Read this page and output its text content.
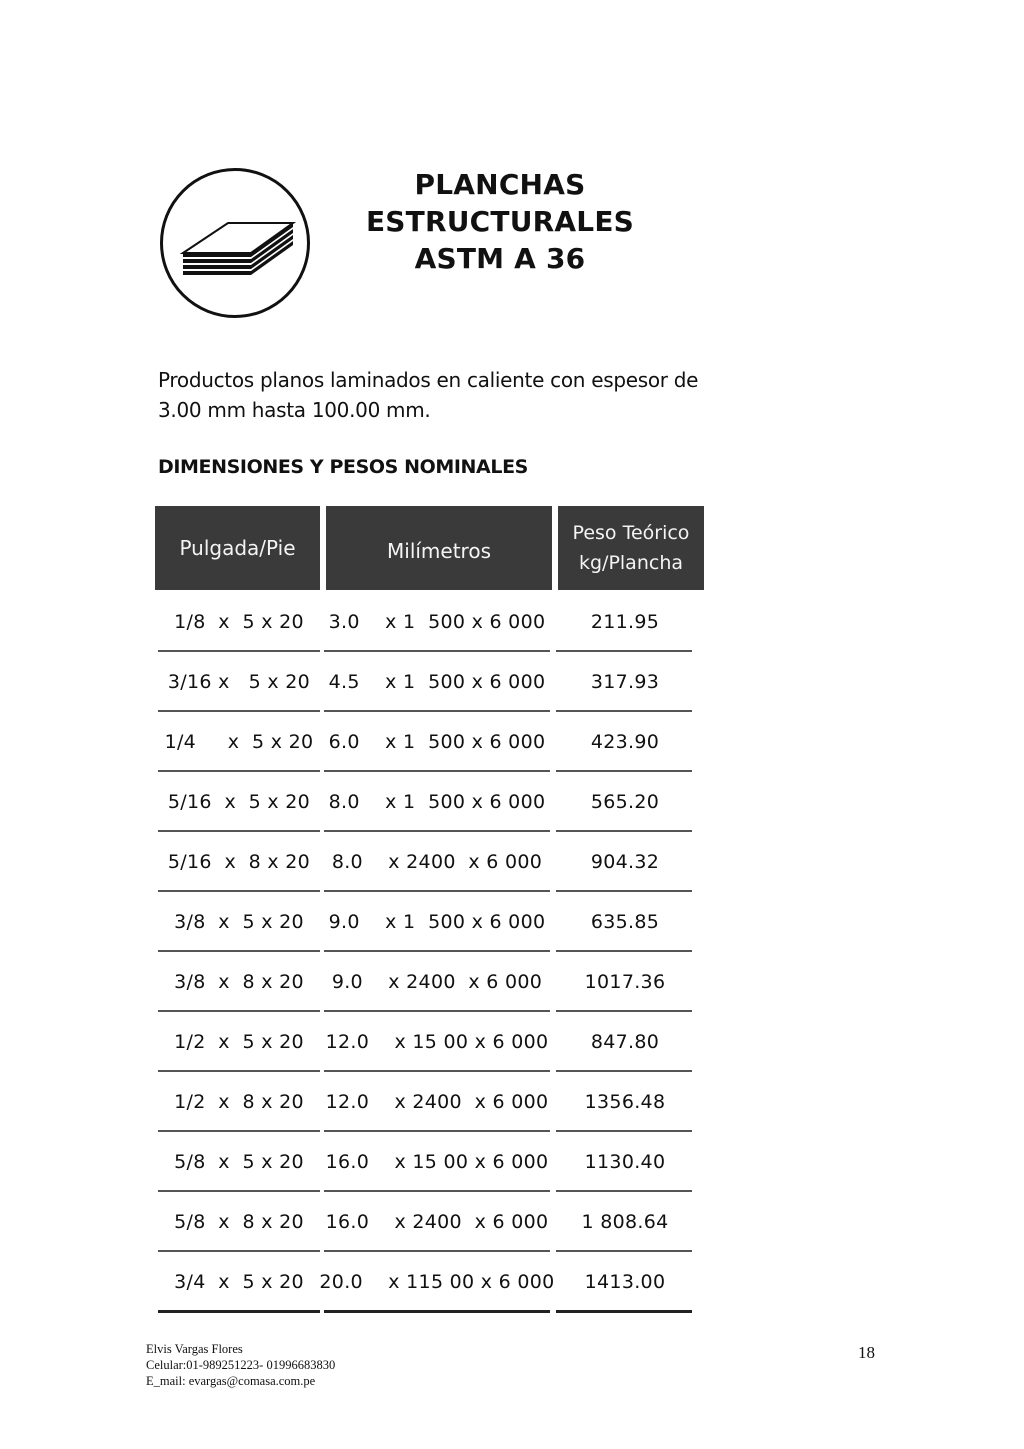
PLANCHAS
ESTRUCTURALES
ASTM A 36
Productos planos laminados en caliente con espesor de 3.00 mm hasta 100.00 mm.
DIMENSIONES Y PESOS NOMINALES
Pulgada/Pie	Milímetros
Peso Teórico
kg/Plancha
1/8  x  5 x 20	3.0    x 1  500 x 6 000	211.95
3/16 x   5 x 20 4.5    x 1  500 x 6 000	317.93
1/4     x  5 x 20 6.0    x 1  500 x 6 000	423.90
5/16  x  5 x 20 8.0    x 1  500 x 6 000	565.20
5/16  x  8 x 20	8.0    x 2400  x 6 000	904.32
3/8  x  5 x 20	9.0    x 1  500 x 6 000	635.85
3/8  x  8 x 20	9.0    x 2400  x 6 000	1017.36
1/2  x  5 x 20	12.0    x 15 00 x 6 000	847.80
1/2  x  8 x 20	12.0    x 2400  x 6 000	1356.48
5/8  x  5 x 20	16.0    x 15 00 x 6 000	1130.40
5/8  x  8 x 20	16.0    x 2400  x 6 000	1 808.64
3/4  x  5 x 20 20.0    x 115 00 x 6 000	1413.00
Elvis Vargas Flores
Celular:01-989251223- 01996683830
E_mail: evargas@comasa.com.pe
18
